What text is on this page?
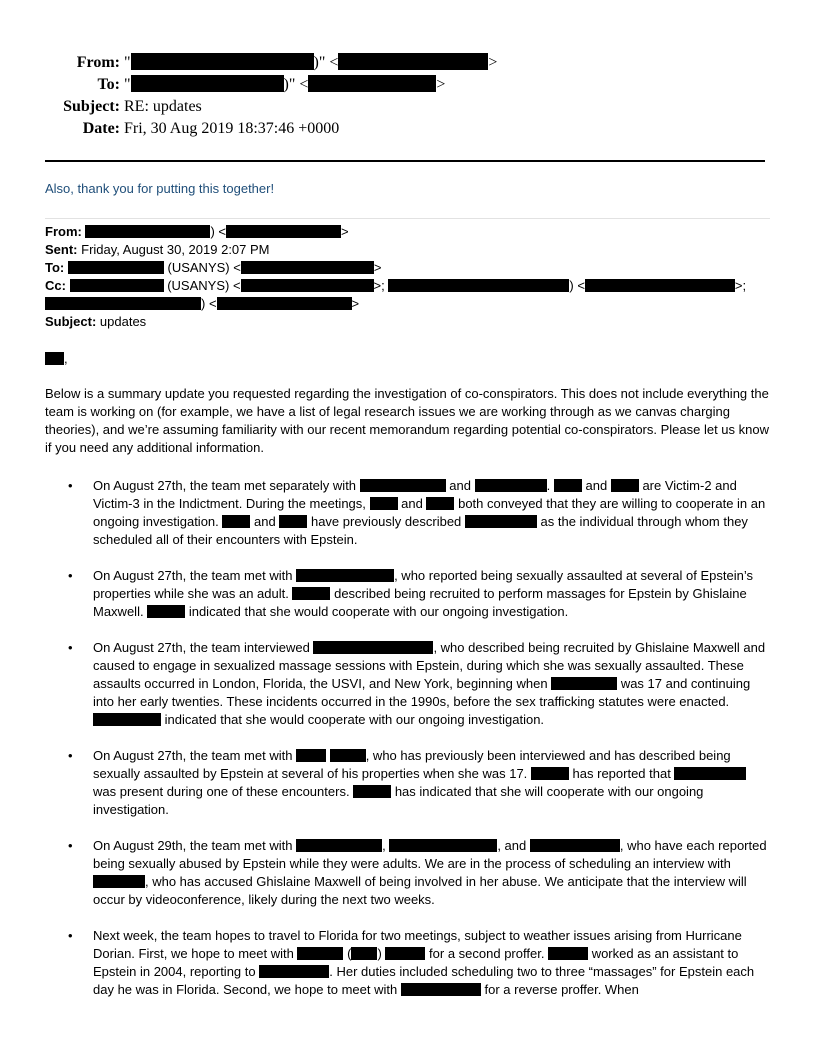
From: "	)" <	>
To: "	)" <	>
Subject: RE: updates
Date: Fri, 30 Aug 2019 18:37:46 +0000
Also, thank you for putting this together!
From:	) <	>
Sent: Friday, August 30, 2019 2:07 PM
To:	(USANYS) <	>
Cc:	(USANYS) <	>;	) <	>;
) <	>
Subject: updates
,
Below is a summary update you requested regarding the investigation of co-conspirators. This does not include everything the team is working on (for example, we have a list of legal research issues we are working through as we canvas charging theories), and we’re assuming familiarity with our recent memorandum regarding potential co-conspirators. Please let us know if you need any additional information.
• On August 27th, the team met separately with	and	.	and	are Victim-2 and Victim-3 in the Indictment. During the meetings,	and	both conveyed that they are willing to cooperate in an ongoing investigation.	and	have previously described	as the individual through whom they scheduled all of their encounters with Epstein.
• On August 27th, the team met with	, who reported being sexually assaulted at several of Epstein’s properties while she was an adult.	described being recruited to perform massages for Epstein by Ghislaine Maxwell.	indicated that she would cooperate with our ongoing investigation.
• On August 27th, the team interviewed	, who described being recruited by Ghislaine Maxwell and caused to engage in sexualized massage sessions with Epstein, during which she was sexually assaulted. These assaults occurred in London, Florida, the USVI, and New York, beginning when	was 17 and continuing into her early twenties. These incidents occurred in the 1990s, before the sex trafficking statutes were enacted.  indicated that she would cooperate with our ongoing investigation.
• On August 27th, the team met with	, who has previously been interviewed and has described being sexually assaulted by Epstein at several of his properties when she was 17.	has reported that  was present during one of these encounters.	has indicated that she will cooperate with our ongoing investigation.
• On August 29th, the team met with	,	, and	, who have each reported being sexually abused by Epstein while they were adults. We are in the process of scheduling an interview with , who has accused Ghislaine Maxwell of being involved in her abuse. We anticipate that the interview will occur by videoconference, likely during the next two weeks.
• Next week, the team hopes to travel to Florida for two meetings, subject to weather issues arising from Hurricane Dorian. First, we hope to meet with	( )	for a second proffer.	worked as an assistant to Epstein in 2004, reporting to	. Her duties included scheduling two to three “massages” for Epstein each day he was in Florida. Second, we hope to meet with	for a reverse proffer. When
